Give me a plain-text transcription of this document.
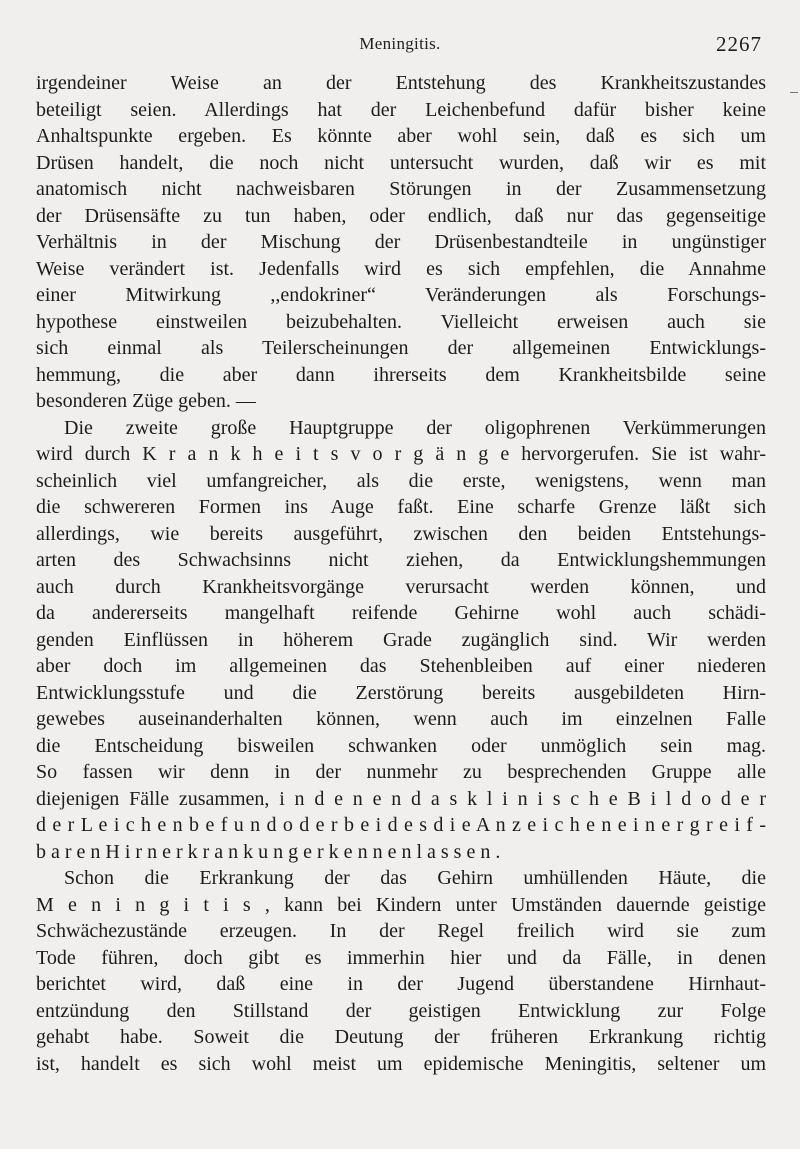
Meningitis.	2267
irgendeiner Weise an der Entstehung des Krankheitszustandes
beteiligt seien. Allerdings hat der Leichenbefund dafür bisher keine
Anhaltspunkte ergeben. Es könnte aber wohl sein, daß es sich um
Drüsen handelt, die noch nicht untersucht wurden, daß wir es mit
anatomisch nicht nachweisbaren Störungen in der Zusammensetzung
der Drüsensäfte zu tun haben, oder endlich, daß nur das gegenseitige
Verhältnis in der Mischung der Drüsenbestandteile in ungünstiger
Weise verändert ist. Jedenfalls wird es sich empfehlen, die Annahme
einer Mitwirkung ,,endokriner“ Veränderungen als Forschungs-
hypothese einstweilen beizubehalten. Vielleicht erweisen auch sie
sich einmal als Teilerscheinungen der allgemeinen Entwicklungs-
hemmung, die aber dann ihrerseits dem Krankheitsbilde seine
besonderen Züge geben. —
Die zweite große Hauptgruppe der oligophrenen Verkümmerungen
wird durch K r a n k h e i t s v o r g ä n g e hervorgerufen. Sie ist wahr-
scheinlich viel umfangreicher, als die erste, wenigstens, wenn man
die schwereren Formen ins Auge faßt. Eine scharfe Grenze läßt sich
allerdings, wie bereits ausgeführt, zwischen den beiden Entstehungs-
arten des Schwachsinns nicht ziehen, da Entwicklungshemmungen
auch durch Krankheitsvorgänge verursacht werden können, und
da andererseits mangelhaft reifende Gehirne wohl auch schädi-
genden Einflüssen in höherem Grade zugänglich sind. Wir werden
aber doch im allgemeinen das Stehenbleiben auf einer niederen
Entwicklungsstufe und die Zerstörung bereits ausgebildeten Hirn-
gewebes auseinanderhalten können, wenn auch im einzelnen Falle
die Entscheidung bisweilen schwanken oder unmöglich sein mag.
So fassen wir denn in der nunmehr zu besprechenden Gruppe alle
diejenigen Fälle zusammen, i n d e n e n d a s k l i n i s c h e B i l d o d e r
d e r L e i c h e n b e f u n d o d e r b e i d e s d i e A n z e i c h e n e i n e r g r e i f -
b a r e n H i r n e r k r a n k u n g e r k e n n e n l a s s e n .
Schon die Erkrankung der das Gehirn umhüllenden Häute, die
M e n i n g i t i s , kann bei Kindern unter Umständen dauernde geistige
Schwächezustände erzeugen. In der Regel freilich wird sie zum
Tode führen, doch gibt es immerhin hier und da Fälle, in denen
berichtet wird, daß eine in der Jugend überstandene Hirnhaut-
entzündung den Stillstand der geistigen Entwicklung zur Folge
gehabt habe. Soweit die Deutung der früheren Erkrankung richtig
ist, handelt es sich wohl meist um epidemische Meningitis, seltener um
